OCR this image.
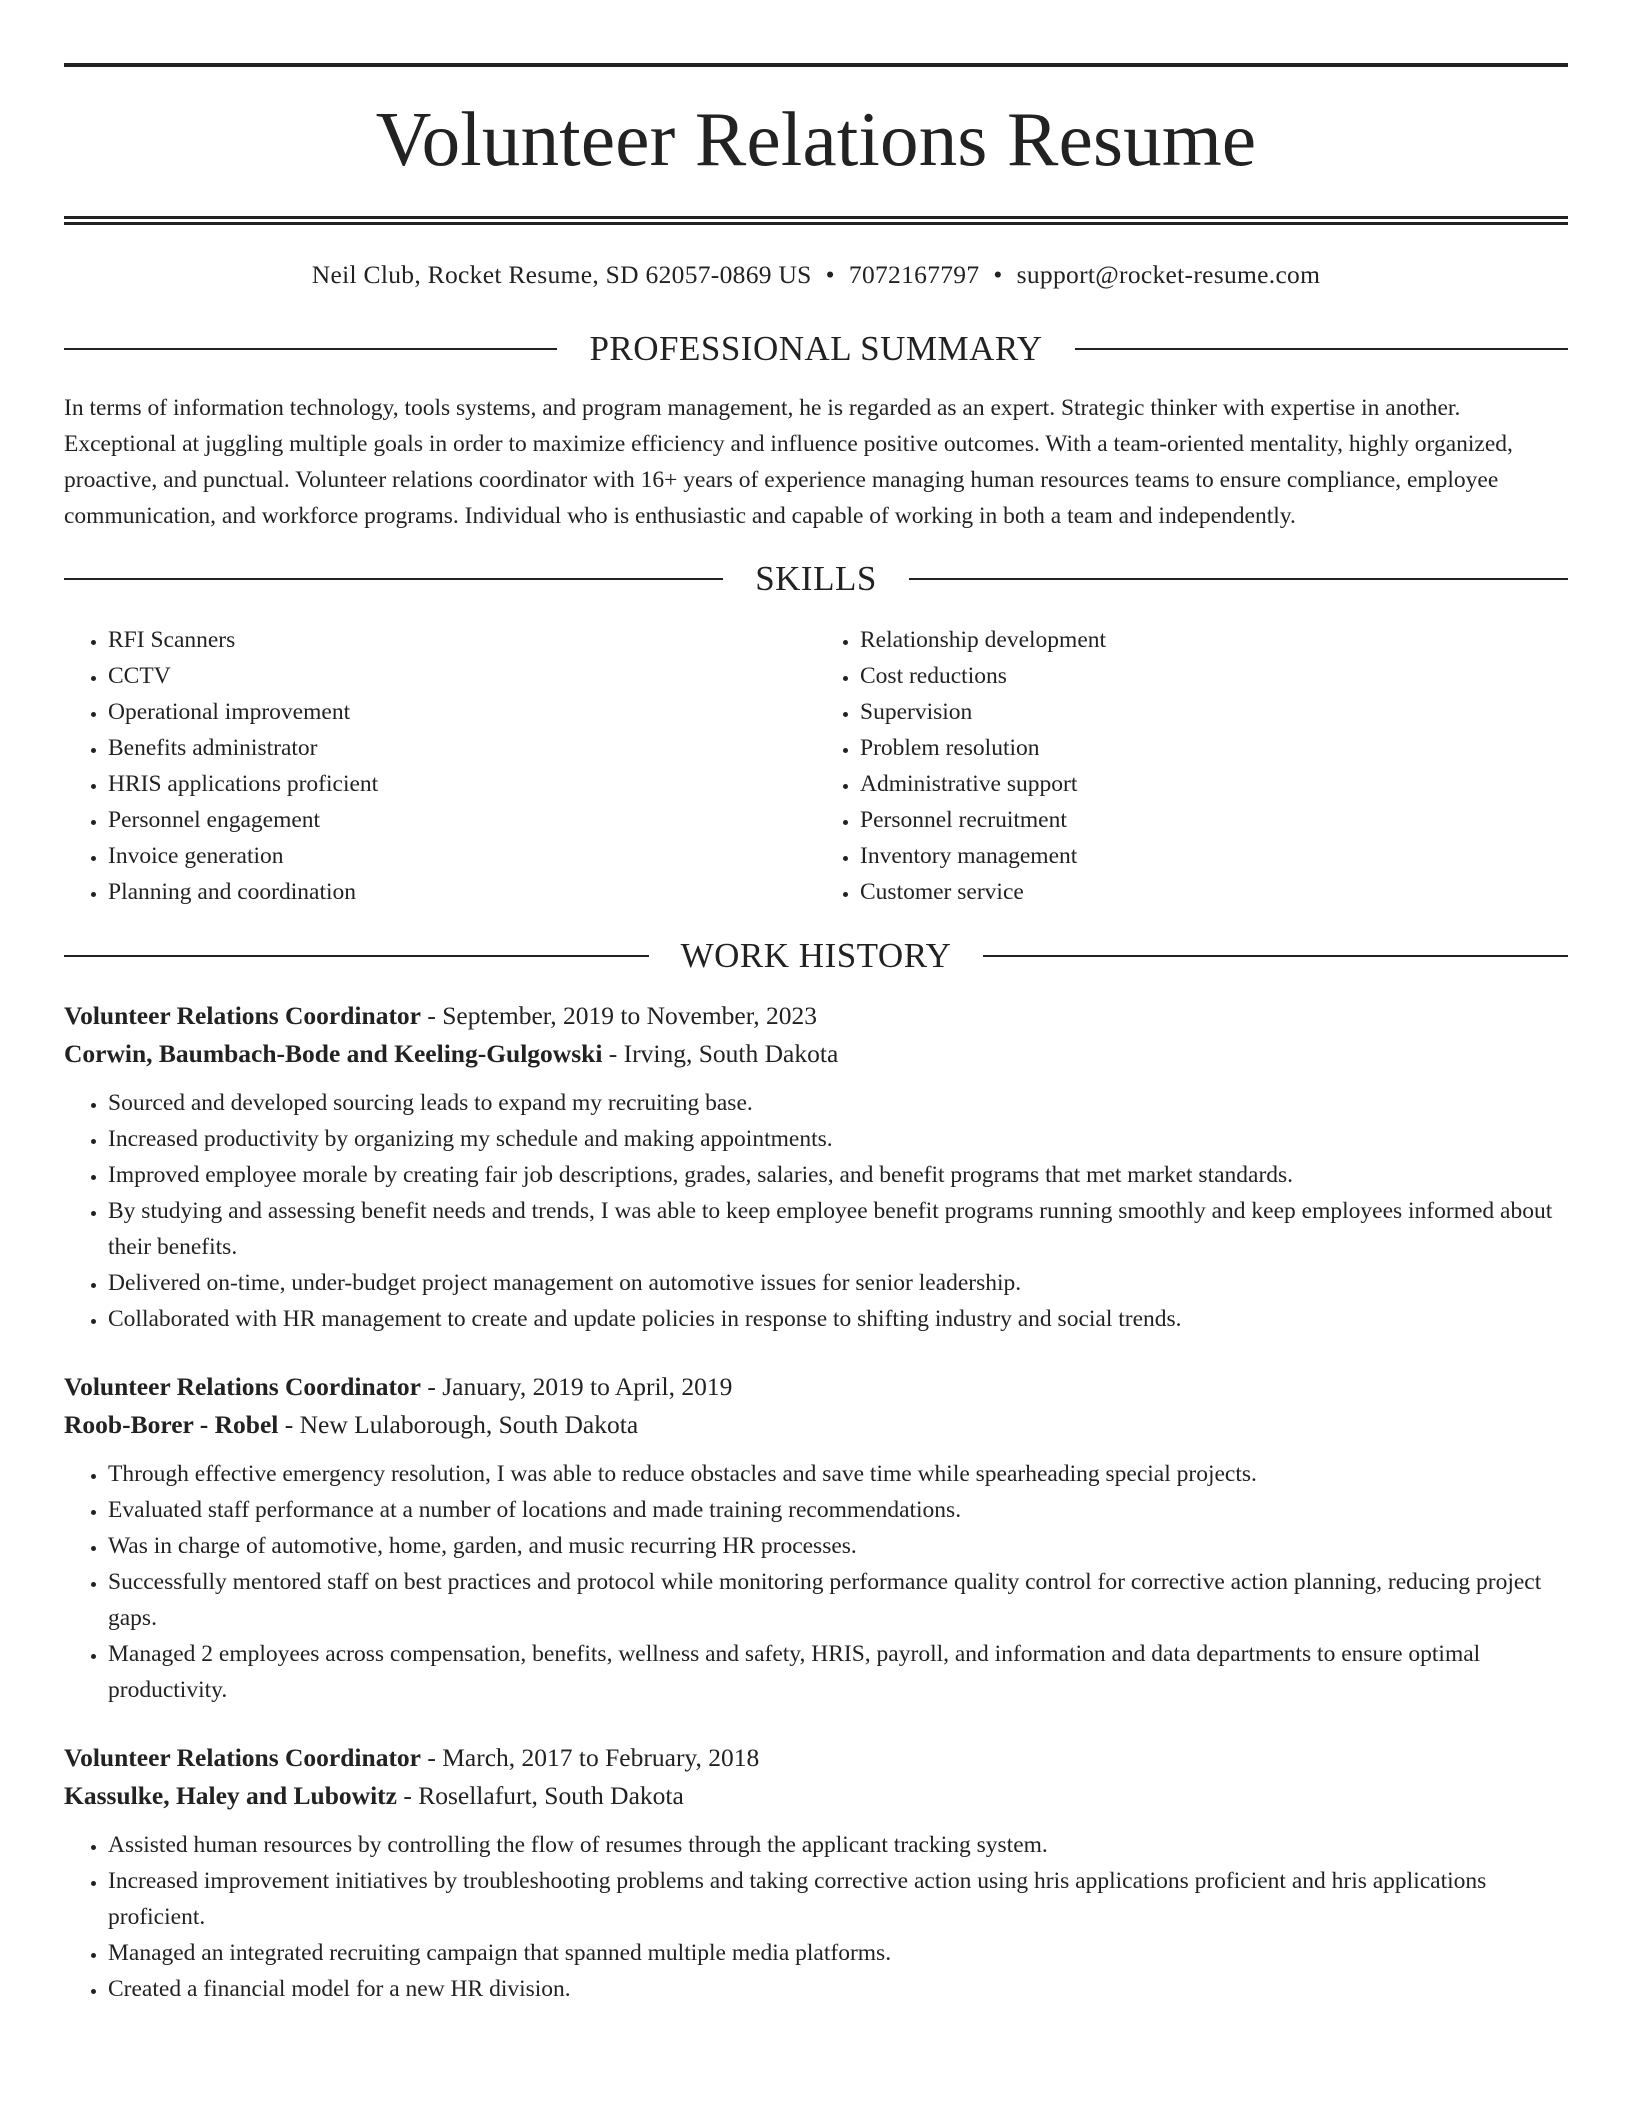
Volunteer Relations Resume
Neil Club, Rocket Resume, SD 62057-0869 US • 7072167797 • support@rocket-resume.com
PROFESSIONAL SUMMARY
In terms of information technology, tools systems, and program management, he is regarded as an expert. Strategic thinker with expertise in another. Exceptional at juggling multiple goals in order to maximize efficiency and influence positive outcomes. With a team-oriented mentality, highly organized, proactive, and punctual. Volunteer relations coordinator with 16+ years of experience managing human resources teams to ensure compliance, employee communication, and workforce programs. Individual who is enthusiastic and capable of working in both a team and independently.
SKILLS
• RFI Scanners
• CCTV
• Operational improvement
• Benefits administrator
• HRIS applications proficient
• Personnel engagement
• Invoice generation
• Planning and coordination
• Relationship development
• Cost reductions
• Supervision
• Problem resolution
• Administrative support
• Personnel recruitment
• Inventory management
• Customer service
WORK HISTORY
Volunteer Relations Coordinator - September, 2019 to November, 2023
Corwin, Baumbach-Bode and Keeling-Gulgowski - Irving, South Dakota
• Sourced and developed sourcing leads to expand my recruiting base.
• Increased productivity by organizing my schedule and making appointments.
• Improved employee morale by creating fair job descriptions, grades, salaries, and benefit programs that met market standards.
• By studying and assessing benefit needs and trends, I was able to keep employee benefit programs running smoothly and keep employees informed about their benefits.
• Delivered on-time, under-budget project management on automotive issues for senior leadership.
• Collaborated with HR management to create and update policies in response to shifting industry and social trends.
Volunteer Relations Coordinator - January, 2019 to April, 2019
Roob-Borer - Robel - New Lulaborough, South Dakota
• Through effective emergency resolution, I was able to reduce obstacles and save time while spearheading special projects.
• Evaluated staff performance at a number of locations and made training recommendations.
• Was in charge of automotive, home, garden, and music recurring HR processes.
• Successfully mentored staff on best practices and protocol while monitoring performance quality control for corrective action planning, reducing project gaps.
• Managed 2 employees across compensation, benefits, wellness and safety, HRIS, payroll, and information and data departments to ensure optimal productivity.
Volunteer Relations Coordinator - March, 2017 to February, 2018
Kassulke, Haley and Lubowitz - Rosellafurt, South Dakota
• Assisted human resources by controlling the flow of resumes through the applicant tracking system.
• Increased improvement initiatives by troubleshooting problems and taking corrective action using hris applications proficient and hris applications proficient.
• Managed an integrated recruiting campaign that spanned multiple media platforms.
• Created a financial model for a new HR division.
